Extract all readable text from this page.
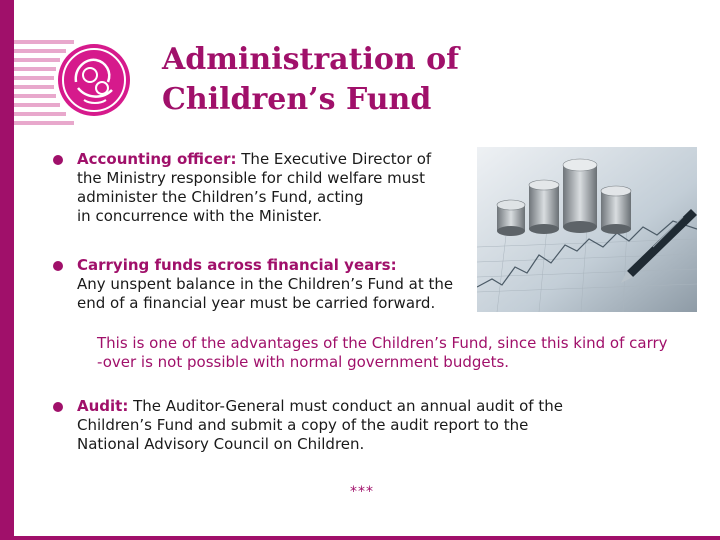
Administration of
Children’s Fund
Accounting officer: The Executive Director of
the Ministry responsible for child welfare must
administer the Children’s Fund, acting
in concurrence with the Minister.
Carrying funds across financial years:
Any unspent balance in the Children’s Fund at the
end of a financial year must be carried forward.
This is one of the advantages of the Children’s Fund, since this kind of carry
-over is not possible with normal government budgets.
Audit: The Auditor-General must conduct an annual audit of the
Children’s Fund and submit a copy of the audit report to the
National Advisory Council on Children.
***
